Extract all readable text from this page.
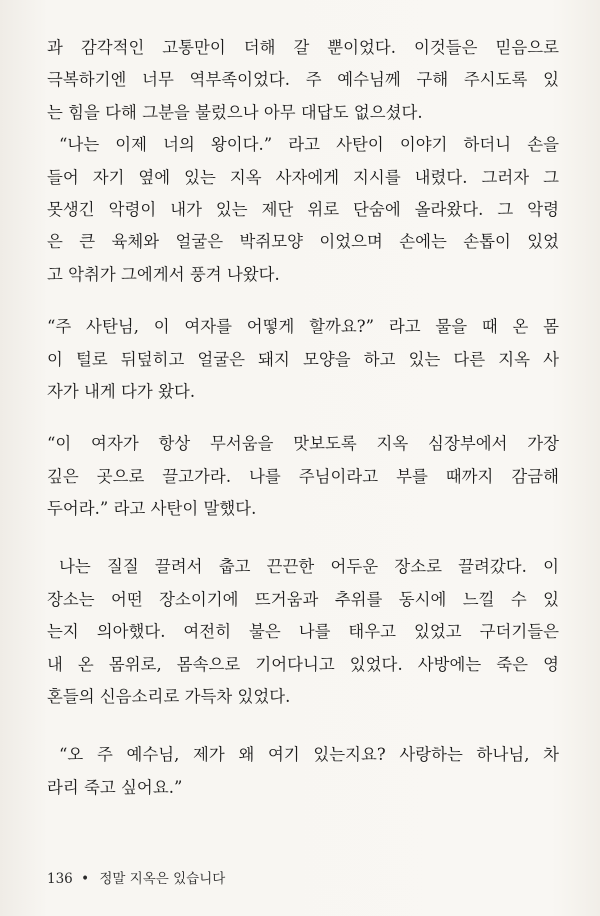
과 감각적인 고통만이 더해 갈 뿐이었다. 이것들은 믿음으로
극복하기엔 너무 역부족이었다. 주 예수님께 구해 주시도록 있
는 힘을 다해 그분을 불렀으나 아무 대답도 없으셨다.
“나는 이제 너의 왕이다.” 라고 사탄이 이야기 하더니 손을
들어 자기 옆에 있는 지옥 사자에게 지시를 내렸다. 그러자 그
못생긴 악령이 내가 있는 제단 위로 단숨에 올라왔다. 그 악령
은 큰 육체와 얼굴은 박쥐모양 이었으며 손에는 손톱이 있었
고 악취가 그에게서 풍겨 나왔다.
“주 사탄님, 이 여자를 어떻게 할까요?” 라고 물을 때 온 몸
이 털로 뒤덮히고 얼굴은 돼지 모양을 하고 있는 다른 지옥 사
자가 내게 다가 왔다.
“이 여자가 항상 무서움을 맛보도록 지옥 심장부에서 가장
깊은 곳으로 끌고가라. 나를 주님이라고 부를 때까지 감금해
두어라.” 라고 사탄이 말했다.
나는 질질 끌려서 춥고 끈끈한 어두운 장소로 끌려갔다. 이
장소는 어떤 장소이기에 뜨거움과 추위를 동시에 느낄 수 있
는지 의아했다. 여전히 불은 나를 태우고 있었고 구더기들은
내 온 몸위로, 몸속으로 기어다니고 있었다. 사방에는 죽은 영
혼들의 신음소리로 가득차 있었다.
“오 주 예수님, 제가 왜 여기 있는지요? 사랑하는 하나님, 차
라리 죽고 싶어요.”
136 • 정말 지옥은 있습니다
